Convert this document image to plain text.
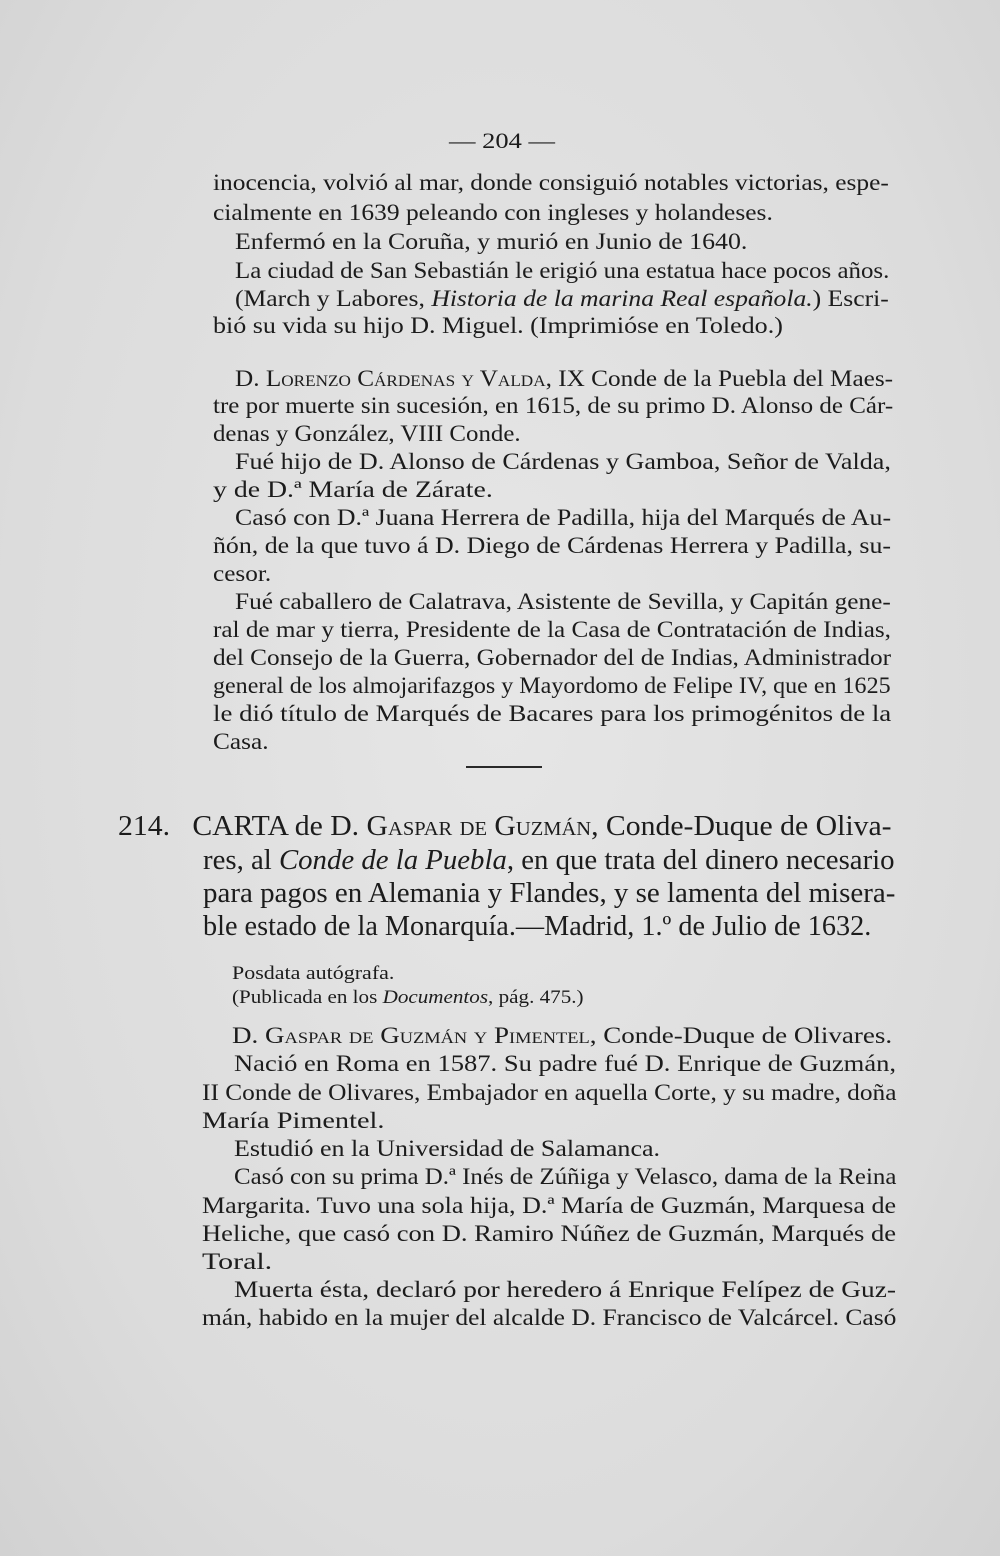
— 204 —
inocencia, volvió al mar, donde consiguió notables victorias, espe-
cialmente en 1639 peleando con ingleses y holandeses.
Enfermó en la Coruña, y murió en Junio de 1640.
La ciudad de San Sebastián le erigió una estatua hace pocos años.
(March y Labores, Historia de la marina Real española.) Escri-
bió su vida su hijo D. Miguel. (Imprimióse en Toledo.)
D. Lorenzo Cárdenas y Valda, IX Conde de la Puebla del Maes-
tre por muerte sin sucesión, en 1615, de su primo D. Alonso de Cár-
denas y González, VIII Conde.
Fué hijo de D. Alonso de Cárdenas y Gamboa, Señor de Valda,
y de D.ª María de Zárate.
Casó con D.ª Juana Herrera de Padilla, hija del Marqués de Au-
ñón, de la que tuvo á D. Diego de Cárdenas Herrera y Padilla, su-
cesor.
Fué caballero de Calatrava, Asistente de Sevilla, y Capitán gene-
ral de mar y tierra, Presidente de la Casa de Contratación de Indias,
del Consejo de la Guerra, Gobernador del de Indias, Administrador
general de los almojarifazgos y Mayordomo de Felipe IV, que en 1625
le dió título de Marqués de Bacares para los primogénitos de la
Casa.
214. CARTA de D. Gaspar de Guzmán, Conde-Duque de Oliva-
res, al Conde de la Puebla, en que trata del dinero necesario
para pagos en Alemania y Flandes, y se lamenta del misera-
ble estado de la Monarquía.—Madrid, 1.º de Julio de 1632.
Posdata autógrafa.
(Publicada en los Documentos, pág. 475.)
D. Gaspar de Guzmán y Pimentel, Conde-Duque de Olivares.
Nació en Roma en 1587. Su padre fué D. Enrique de Guzmán,
II Conde de Olivares, Embajador en aquella Corte, y su madre, doña
María Pimentel.
Estudió en la Universidad de Salamanca.
Casó con su prima D.ª Inés de Zúñiga y Velasco, dama de la Reina
Margarita. Tuvo una sola hija, D.ª María de Guzmán, Marquesa de
Heliche, que casó con D. Ramiro Núñez de Guzmán, Marqués de
Toral.
Muerta ésta, declaró por heredero á Enrique Felípez de Guz-
mán, habido en la mujer del alcalde D. Francisco de Valcárcel. Casó
